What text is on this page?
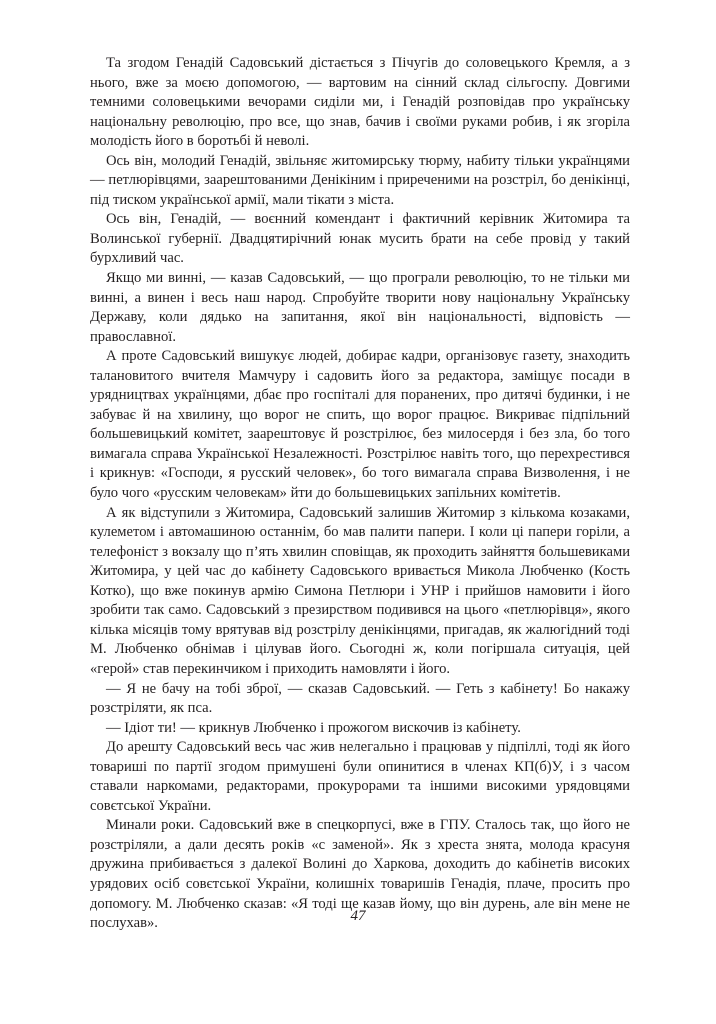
Та згодом Генадій Садовський дістається з Пічугів до соловецького Кремля, а з нього, вже за моєю допомогою, — вартовим на сінний склад сільгоспу. Довгими темними соловецькими вечорами сиділи ми, і Генадій розповідав про українську національну революцію, про все, що знав, бачив і своїми руками робив, і як згоріла молодість його в боротьбі й неволі.

Ось він, молодий Генадій, звільняє житомирську тюрму, набиту тільки українцями — петлюрівцями, заарештованими Денікіним і приреченими на розстріл, бо денікінці, під тиском української армії, мали тікати з міста.

Ось він, Генадій, — воєнний комендант і фактичний керівник Житомира та Волинської губернії. Двадцятирічний юнак мусить брати на себе провід у такий бурхливий час.

Якщо ми винні, — казав Садовський, — що програли революцію, то не тільки ми винні, а винен і весь наш народ. Спробуйте творити нову національну Українську Державу, коли дядько на запитання, якої він національності, відповість — православної.

А проте Садовський вишукує людей, добирає кадри, організовує газету, знаходить талановитого вчителя Мамчуру і садовить його за редактора, заміщує посади в урядництвах українцями, дбає про госпіталі для поранених, про дитячі будинки, і не забуває й на хвилину, що ворог не спить, що ворог працює. Викриває підпільний большевицький комітет, заарештовує й розстрілює, без милосердя і без зла, бо того вимагала справа Української Незалежності. Розстрілює навіть того, що перехрестився і крикнув: «Господи, я русский человек», бо того вимагала справа Визволення, і не було чого «русским человекам» йти до большевицьких запільних комітетів.

А як відступили з Житомира, Садовський залишив Житомир з кількома козаками, кулеметом і автомашиною останнім, бо мав палити папери. І коли ці папери горіли, а телефоніст з вокзалу що п’ять хвилин сповіщав, як проходить зайняття большевиками Житомира, у цей час до кабінету Садовського вривається Микола Любченко (Кость Котко), що вже покинув армію Симона Петлюри і УНР і прийшов намовити і його зробити так само. Садовський з презирством подивився на цього «петлюрівця», якого кілька місяців тому врятував від розстрілу денікінцями, пригадав, як жалюгідний тоді М. Любченко обнімав і цілував його. Сьогодні ж, коли погіршала ситуація, цей «герой» став перекинчиком і приходить намовляти і його.

— Я не бачу на тобі зброї, — сказав Садовський. — Геть з кабінету! Бо накажу розстріляти, як пса.

— Ідіот ти! — крикнув Любченко і прожогом вискочив із кабінету.

До арешту Садовський весь час жив нелегально і працював у підпіллі, тоді як його товариші по партії згодом примушені були опинитися в членах КП(б)У, і з часом ставали наркомами, редакторами, прокурорами та іншими високими урядовцями совєтської України.

Минали роки. Садовський вже в спецкорпусі, вже в ГПУ. Сталось так, що його не розстріляли, а дали десять років «с заменой». Як з хреста знята, молода красуня дружина прибивається з далекої Волині до Харкова, доходить до кабінетів високих урядових осіб совєтської України, колишніх товаришів Генадія, плаче, просить про допомогу. М. Любченко сказав: «Я тоді ще казав йому, що він дурень, але він мене не послухав».	47
